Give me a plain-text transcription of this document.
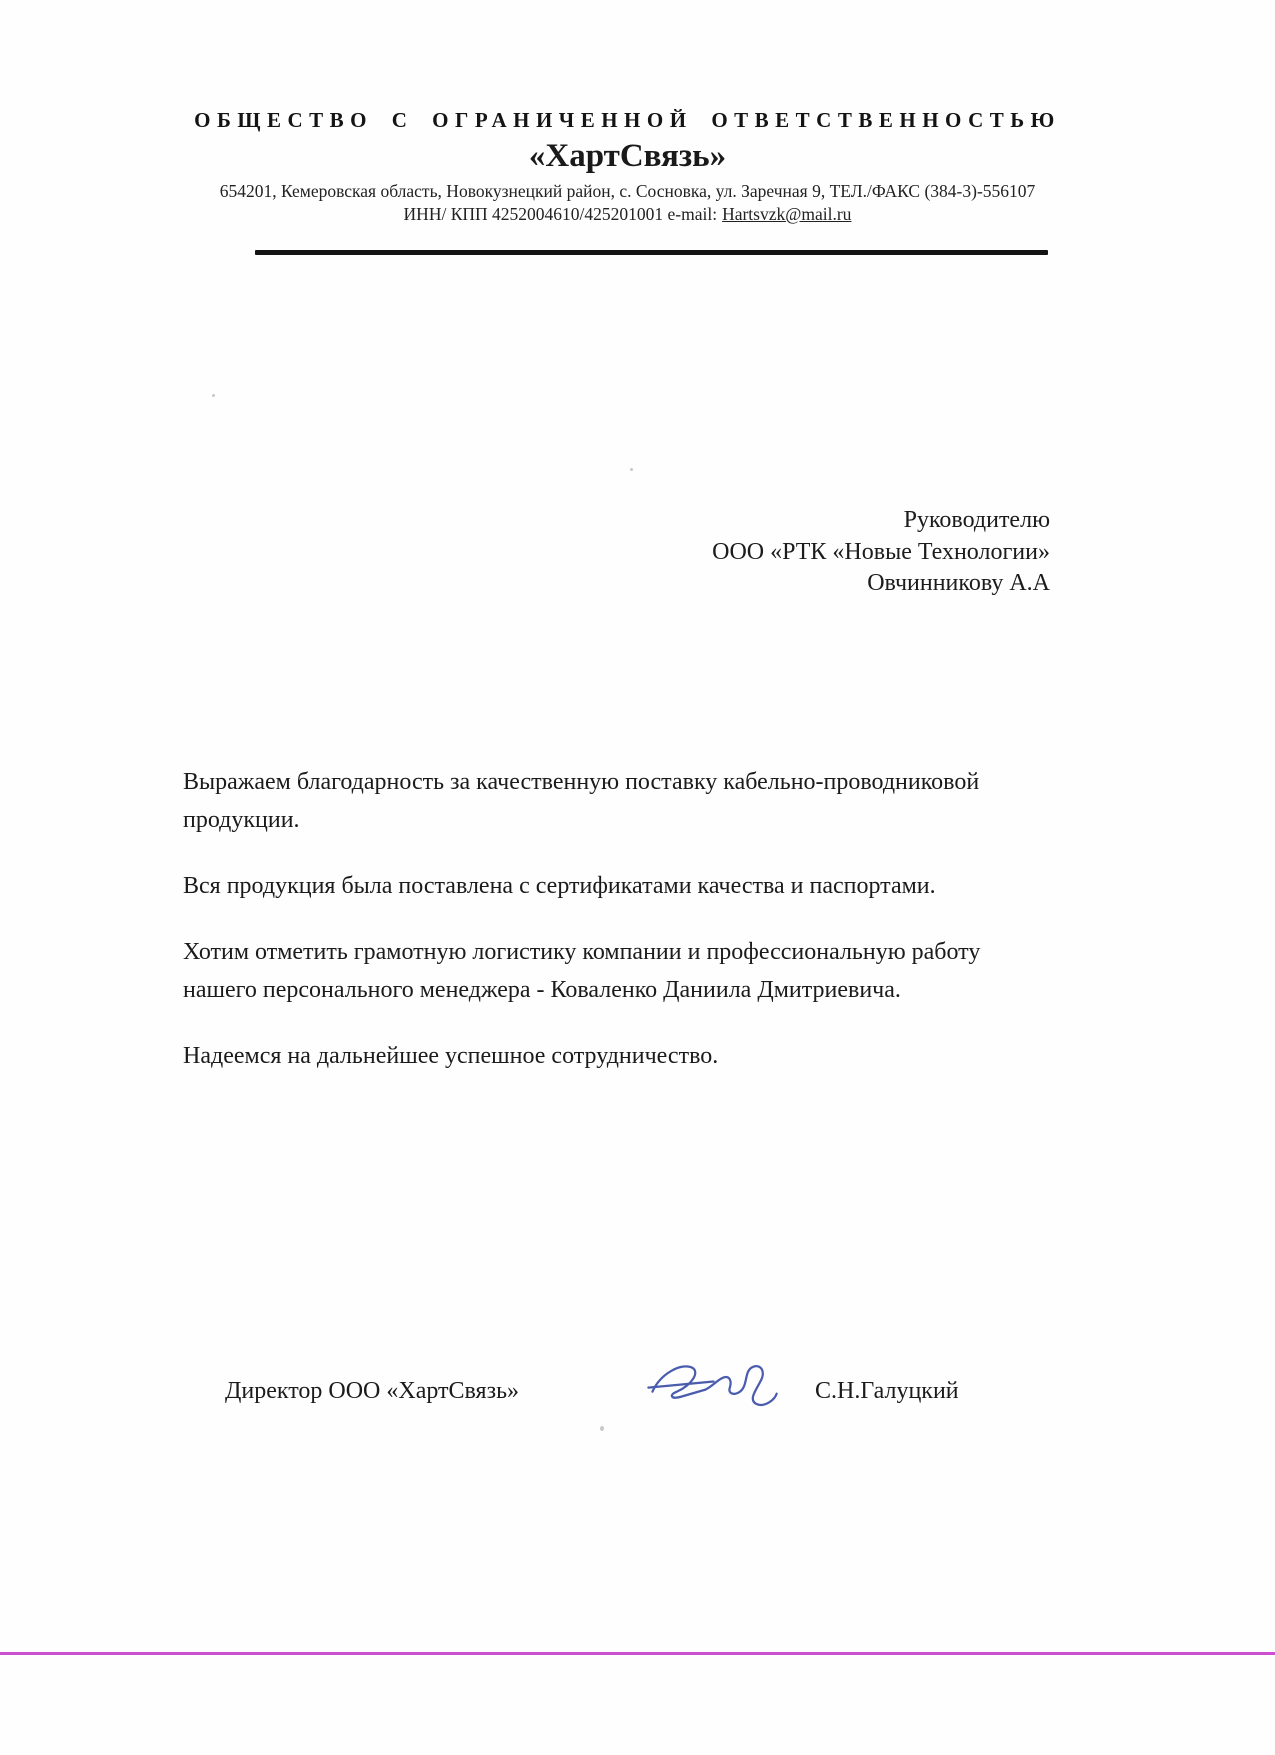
ОБЩЕСТВО С ОГРАНИЧЕННОЙ ОТВЕТСТВЕННОСТЬЮ
«ХартСвязь»
654201, Кемеровская область, Новокузнецкий район, с. Сосновка, ул. Заречная 9, ТЕЛ./ФАКС (384-3)-556107
ИНН/ КПП 4252004610/425201001 e-mail: Hartsvzk@mail.ru
Руководителю
ООО «РТК «Новые Технологии»
Овчинникову А.А

Выражаем благодарность за качественную поставку кабельно-проводниковой
продукции.

Вся продукция была поставлена с сертификатами качества и паспортами.

Хотим отметить грамотную логистику компании и профессиональную работу
нашего персонального менеджера - Коваленко Даниила Дмитриевича.

Надеемся на дальнейшее успешное сотрудничество.

Директор ООО «ХартСвязь»	С.Н.Галуцкий
